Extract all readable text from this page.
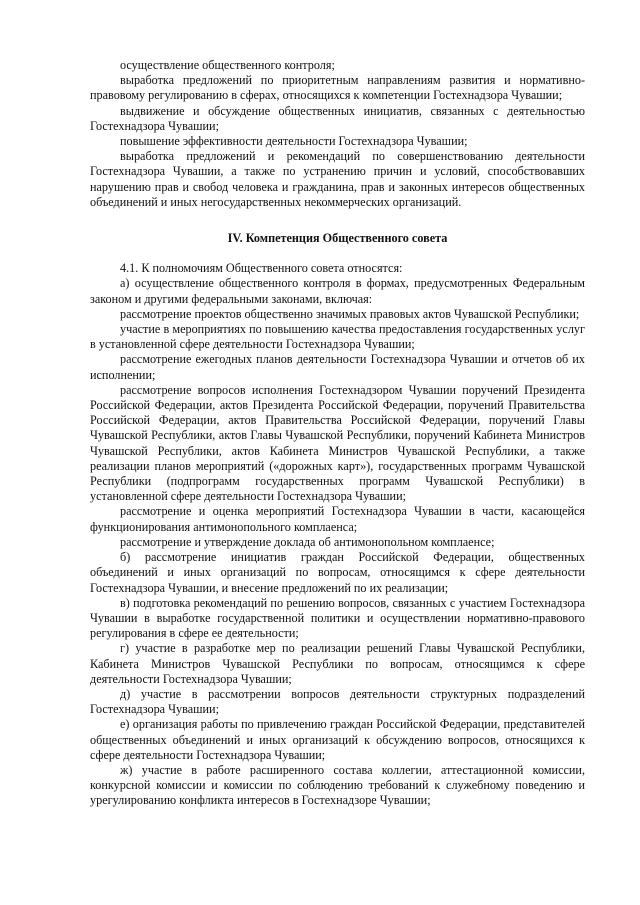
осуществление общественного контроля;

выработка предложений по приоритетным направлениям развития и нормативно-правовому регулированию в сферах, относящихся к компетенции Гостехнадзора Чувашии;

выдвижение и обсуждение общественных инициатив, связанных с деятельностью Гостехнадзора Чувашии;

повышение эффективности деятельности Гостехнадзора Чувашии;

выработка предложений и рекомендаций по совершенствованию деятельности Гостехнадзора Чувашии, а также по устранению причин и условий, способствовавших нарушению прав и свобод человека и гражданина, прав и законных интересов общественных объединений и иных негосударственных некоммерческих организаций.

IV. Компетенция Общественного совета

4.1. К полномочиям Общественного совета относятся:

а) осуществление общественного контроля в формах, предусмотренных Федеральным законом и другими федеральными законами, включая:

рассмотрение проектов общественно значимых правовых актов Чувашской Республики;

участие в мероприятиях по повышению качества предоставления государственных услуг в установленной сфере деятельности Гостехнадзора Чувашии;

рассмотрение ежегодных планов деятельности Гостехнадзора Чувашии и отчетов об их исполнении;

рассмотрение вопросов исполнения Гостехнадзором Чувашии поручений Президента Российской Федерации, актов Президента Российской Федерации, поручений Правительства Российской Федерации, актов Правительства Российской Федерации, поручений Главы Чувашской Республики, актов Главы Чувашской Республики, поручений Кабинета Министров Чувашской Республики, актов Кабинета Министров Чувашской Республики, а также реализации планов мероприятий («дорожных карт»), государственных программ Чувашской Республики (подпрограмм государственных программ Чувашской Республики) в установленной сфере деятельности Гостехнадзора Чувашии;

рассмотрение и оценка мероприятий Гостехнадзора Чувашии в части, касающейся функционирования антимонопольного комплаенса;

рассмотрение и утверждение доклада об антимонопольном комплаенсе;

б) рассмотрение инициатив граждан Российской Федерации, общественных объединений и иных организаций по вопросам, относящимся к сфере деятельности Гостехнадзора Чувашии, и внесение предложений по их реализации;

в) подготовка рекомендаций по решению вопросов, связанных с участием Гостехнадзора Чувашии в выработке государственной политики и осуществлении нормативно-правового регулирования в сфере ее деятельности;

г) участие в разработке мер по реализации решений Главы Чувашской Республики, Кабинета Министров Чувашской Республики по вопросам, относящимся к сфере деятельности Гостехнадзора Чувашии;

д) участие в рассмотрении вопросов деятельности структурных подразделений Гостехнадзора Чувашии;

е) организация работы по привлечению граждан Российской Федерации, представителей общественных объединений и иных организаций к обсуждению вопросов, относящихся к сфере деятельности Гостехнадзора Чувашии;

ж) участие в работе расширенного состава коллегии, аттестационной комиссии, конкурсной комиссии и комиссии по соблюдению требований к служебному поведению и урегулированию конфликта интересов в Гостехнадзоре Чувашии;
